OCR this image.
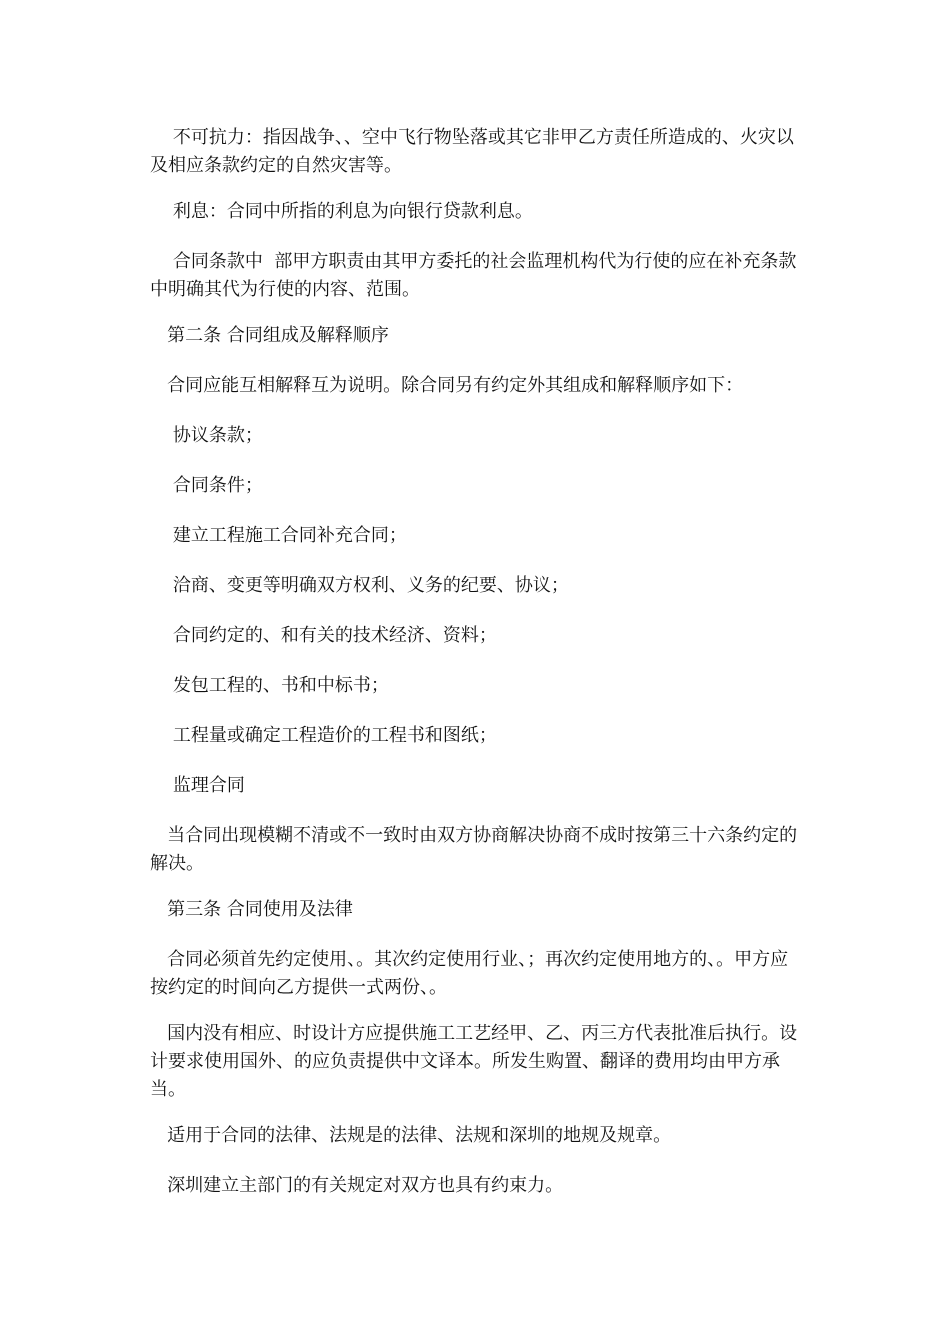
不可抗力：指因战争、、空中飞行物坠落或其它非甲乙方责任所造成的、火灾以及相应条款约定的自然灾害等。

利息：合同中所指的利息为向银行贷款利息。

合同条款中  部甲方职责由其甲方委托的社会监理机构代为行使的应在补充条款中明确其代为行使的内容、范围。

第二条 合同组成及解释顺序

合同应能互相解释互为说明。除合同另有约定外其组成和解释顺序如下：

协议条款；

合同条件；

建立工程施工合同补充合同；

洽商、变更等明确双方权利、义务的纪要、协议；

合同约定的、和有关的技术经济、资料；

发包工程的、书和中标书；

工程量或确定工程造价的工程书和图纸；

监理合同

当合同出现模糊不清或不一致时由双方协商解决协商不成时按第三十六条约定的解决。

第三条 合同使用及法律

合同必须首先约定使用、。其次约定使用行业、；再次约定使用地方的、。甲方应按约定的时间向乙方提供一式两份、。

国内没有相应、时设计方应提供施工工艺经甲、乙、丙三方代表批准后执行。设计要求使用国外、的应负责提供中文译本。所发生购置、翻译的费用均由甲方承当。

适用于合同的法律、法规是的法律、法规和深圳的地规及规章。

深圳建立主部门的有关规定对双方也具有约束力。
